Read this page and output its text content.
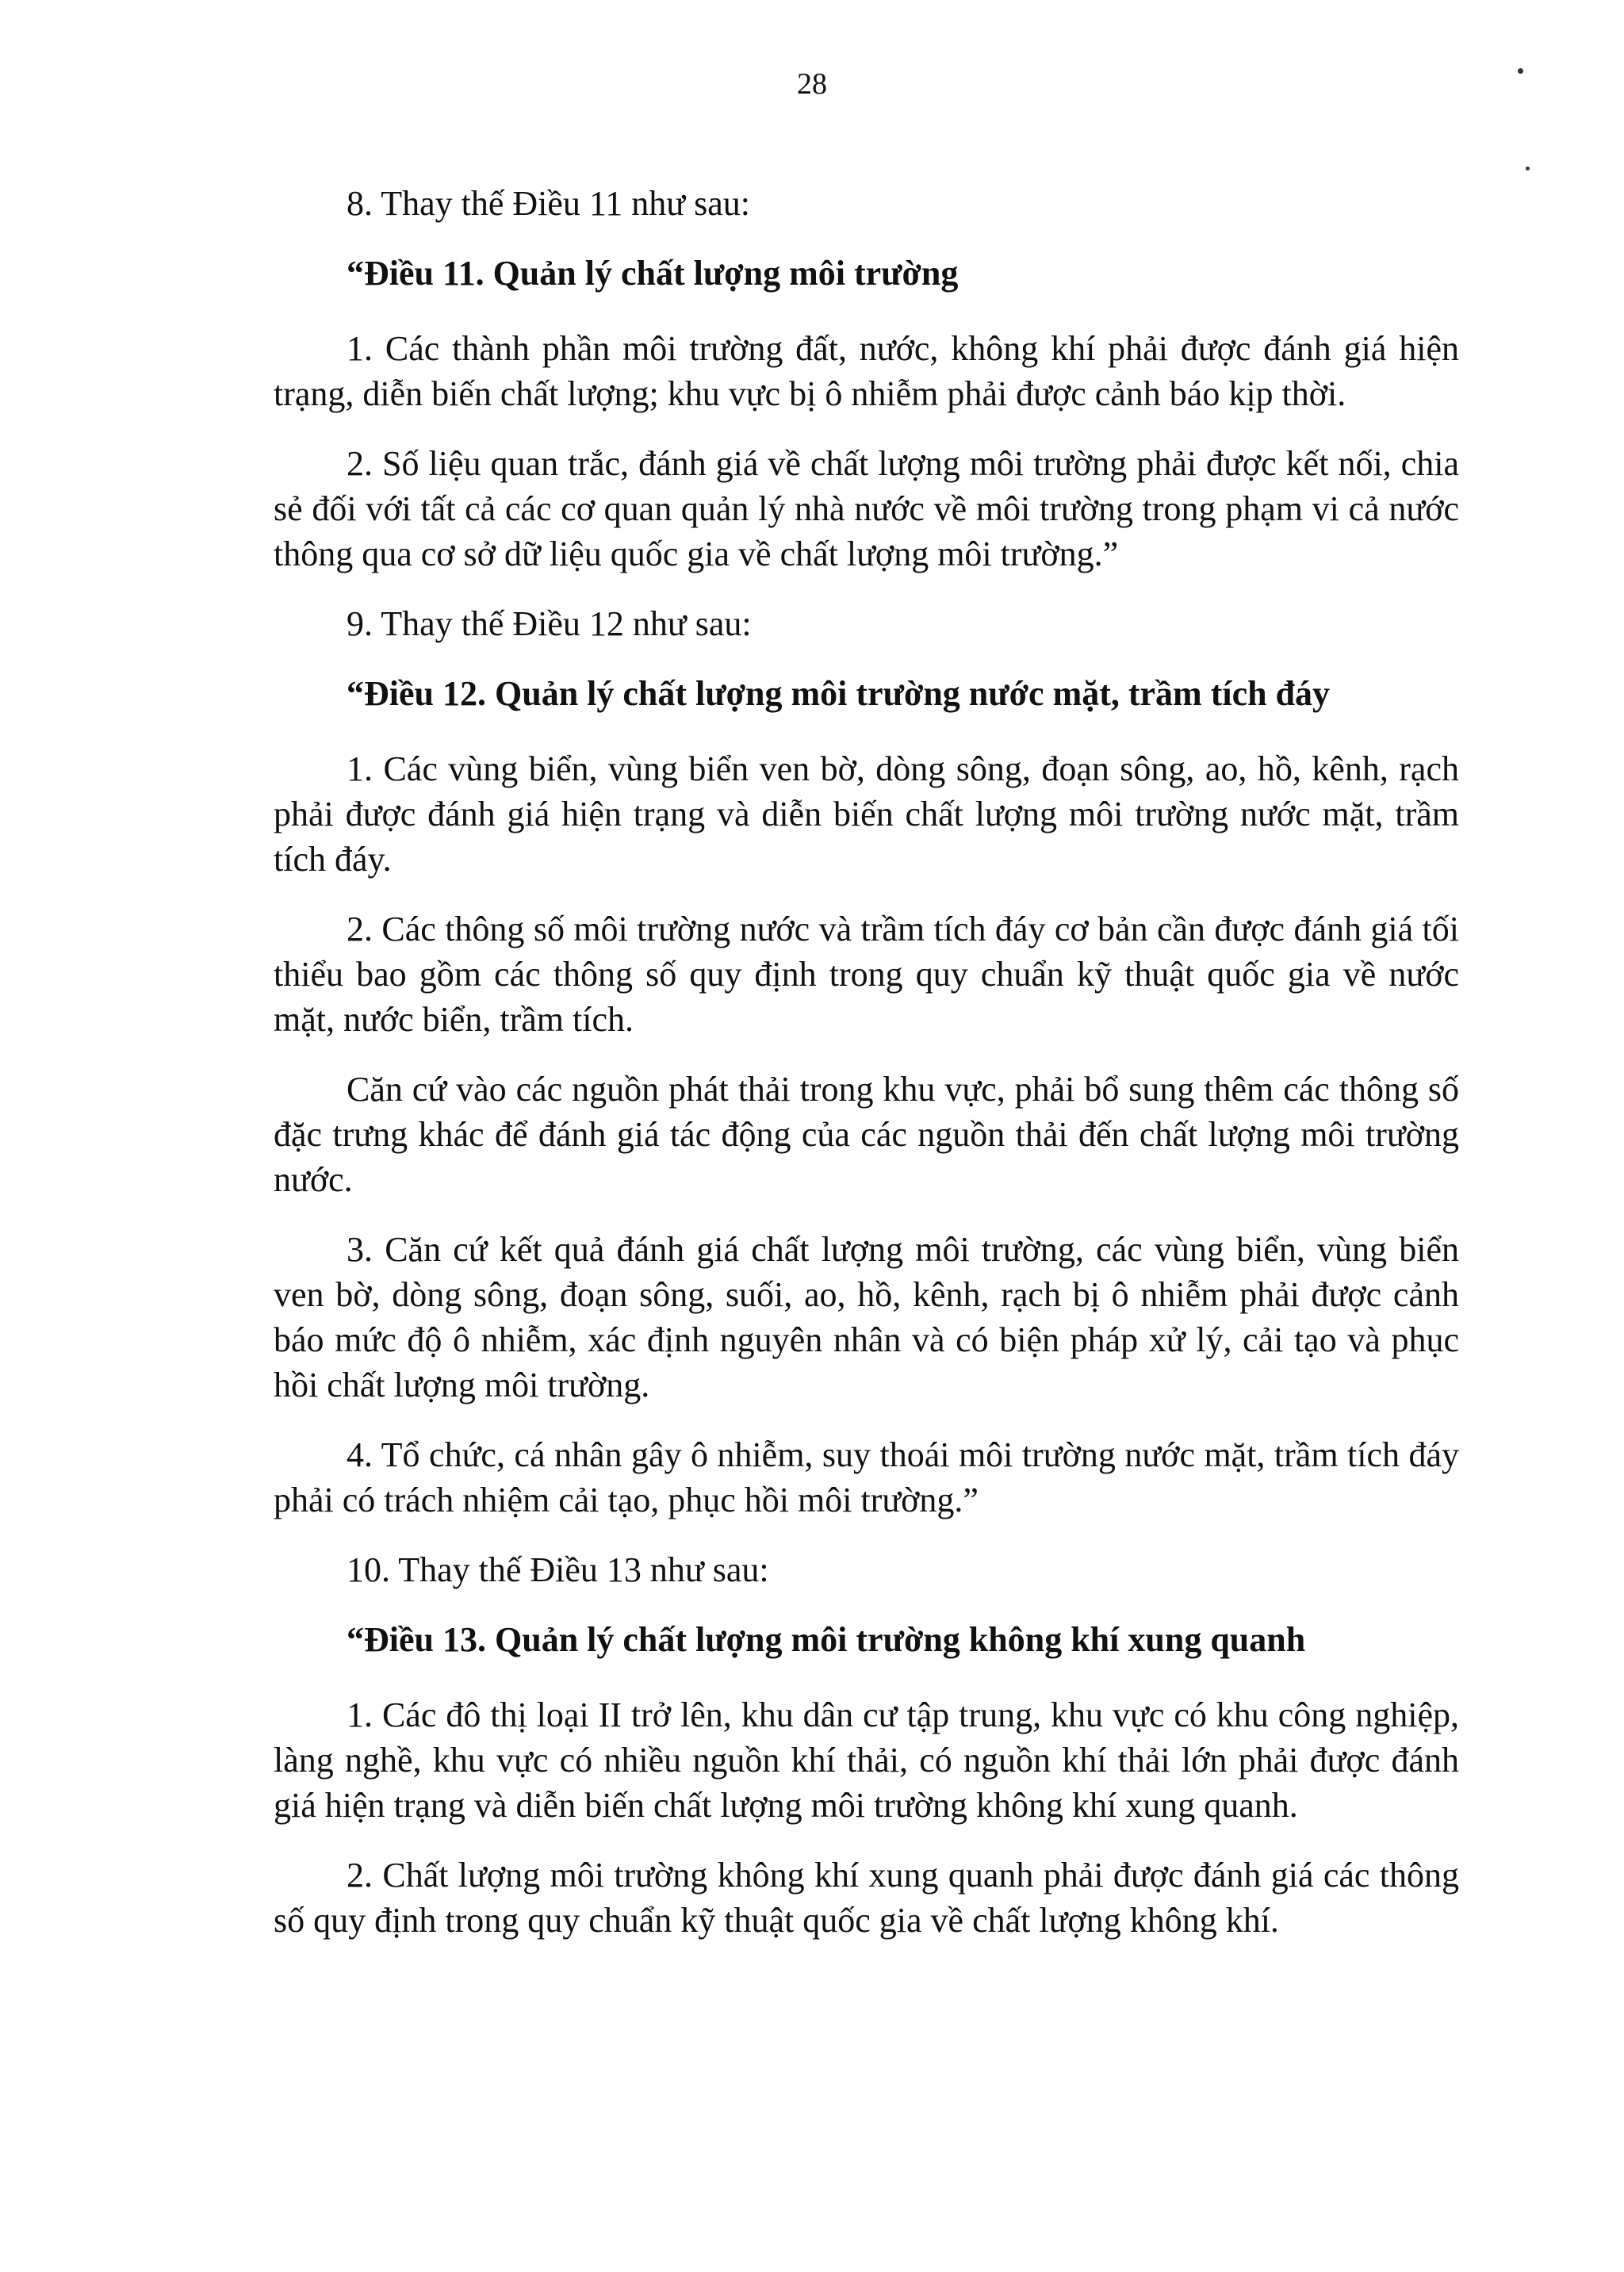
28

8. Thay thế Điều 11 như sau:

“Điều 11. Quản lý chất lượng môi trường

1. Các thành phần môi trường đất, nước, không khí phải được đánh giá hiện trạng, diễn biến chất lượng; khu vực bị ô nhiễm phải được cảnh báo kịp thời.

2. Số liệu quan trắc, đánh giá về chất lượng môi trường phải được kết nối, chia sẻ đối với tất cả các cơ quan quản lý nhà nước về môi trường trong phạm vi cả nước thông qua cơ sở dữ liệu quốc gia về chất lượng môi trường.”

9. Thay thế Điều 12 như sau:

“Điều 12. Quản lý chất lượng môi trường nước mặt, trầm tích đáy

1. Các vùng biển, vùng biển ven bờ, dòng sông, đoạn sông, ao, hồ, kênh, rạch phải được đánh giá hiện trạng và diễn biến chất lượng môi trường nước mặt, trầm tích đáy.

2. Các thông số môi trường nước và trầm tích đáy cơ bản cần được đánh giá tối thiểu bao gồm các thông số quy định trong quy chuẩn kỹ thuật quốc gia về nước mặt, nước biển, trầm tích.

Căn cứ vào các nguồn phát thải trong khu vực, phải bổ sung thêm các thông số đặc trưng khác để đánh giá tác động của các nguồn thải đến chất lượng môi trường nước.

3. Căn cứ kết quả đánh giá chất lượng môi trường, các vùng biển, vùng biển ven bờ, dòng sông, đoạn sông, suối, ao, hồ, kênh, rạch bị ô nhiễm phải được cảnh báo mức độ ô nhiễm, xác định nguyên nhân và có biện pháp xử lý, cải tạo và phục hồi chất lượng môi trường.

4. Tổ chức, cá nhân gây ô nhiễm, suy thoái môi trường nước mặt, trầm tích đáy phải có trách nhiệm cải tạo, phục hồi môi trường.”

10. Thay thế Điều 13 như sau:

“Điều 13. Quản lý chất lượng môi trường không khí xung quanh

1. Các đô thị loại II trở lên, khu dân cư tập trung, khu vực có khu công nghiệp, làng nghề, khu vực có nhiều nguồn khí thải, có nguồn khí thải lớn phải được đánh giá hiện trạng và diễn biến chất lượng môi trường không khí xung quanh.

2. Chất lượng môi trường không khí xung quanh phải được đánh giá các thông số quy định trong quy chuẩn kỹ thuật quốc gia về chất lượng không khí.
